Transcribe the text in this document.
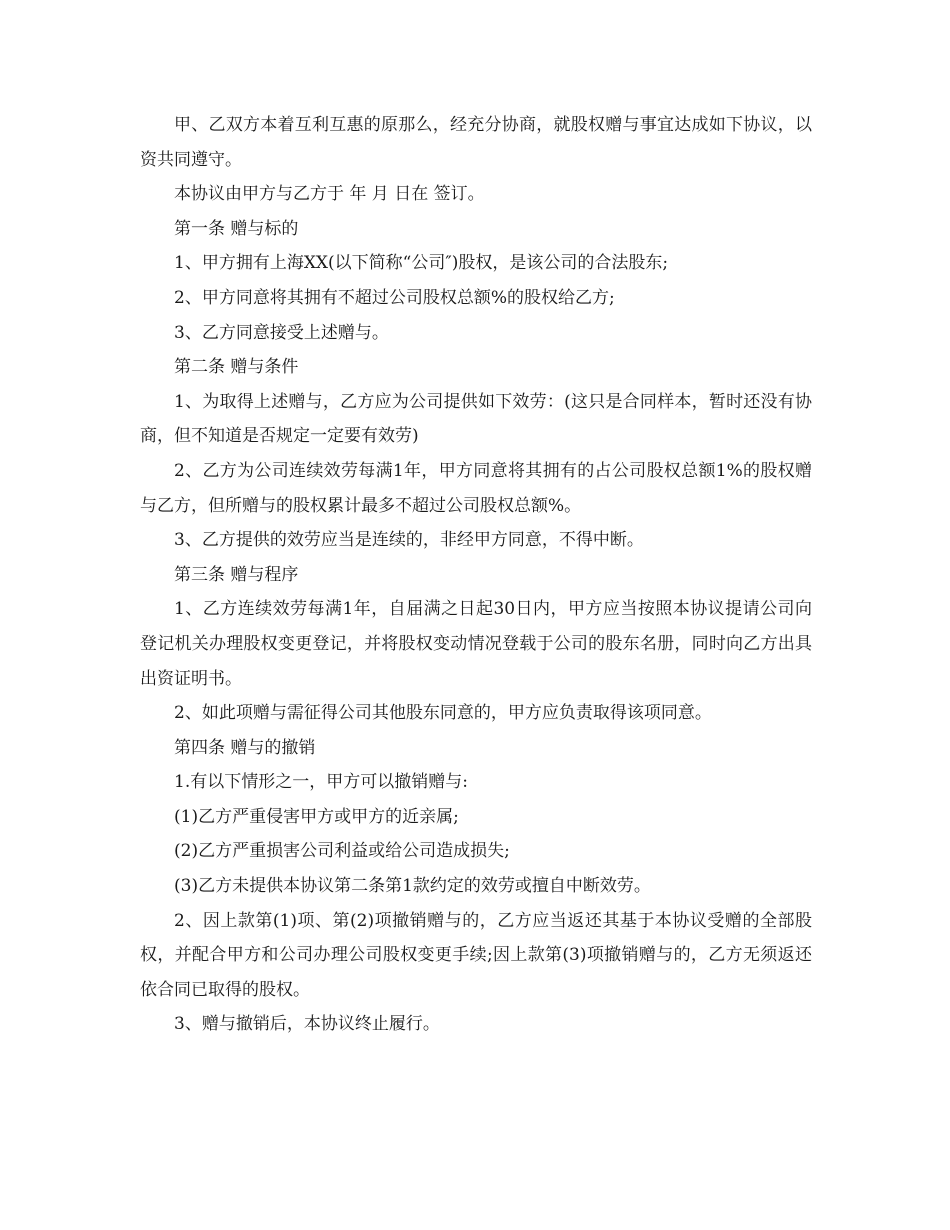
甲、乙双方本着互利互惠的原那么，经充分协商，就股权赠与事宜达成如下协议，以资共同遵守。

本协议由甲方与乙方于 年 月 日在 签订。

第一条 赠与标的

1、甲方拥有上海XX(以下简称“公司″)股权，是该公司的合法股东;

2、甲方同意将其拥有不超过公司股权总额%的股权给乙方;

3、乙方同意接受上述赠与。

第二条 赠与条件

1、为取得上述赠与，乙方应为公司提供如下效劳：(这只是合同样本，暂时还没有协商，但不知道是否规定一定要有效劳)

2、乙方为公司连续效劳每满1年，甲方同意将其拥有的占公司股权总额1%的股权赠与乙方，但所赠与的股权累计最多不超过公司股权总额%。

3、乙方提供的效劳应当是连续的，非经甲方同意，不得中断。

第三条 赠与程序

1、乙方连续效劳每满1年，自届满之日起30日内，甲方应当按照本协议提请公司向登记机关办理股权变更登记，并将股权变动情况登载于公司的股东名册，同时向乙方出具出资证明书。

2、如此项赠与需征得公司其他股东同意的，甲方应负责取得该项同意。

第四条 赠与的撤销

1.有以下情形之一，甲方可以撤销赠与:

(1)乙方严重侵害甲方或甲方的近亲属;

(2)乙方严重损害公司利益或给公司造成损失;

(3)乙方未提供本协议第二条第1款约定的效劳或擅自中断效劳。

2、因上款第(1)项、第(2)项撤销赠与的，乙方应当返还其基于本协议受赠的全部股权，并配合甲方和公司办理公司股权变更手续;因上款第(3)项撤销赠与的，乙方无须返还依合同已取得的股权。

3、赠与撤销后，本协议终止履行。
